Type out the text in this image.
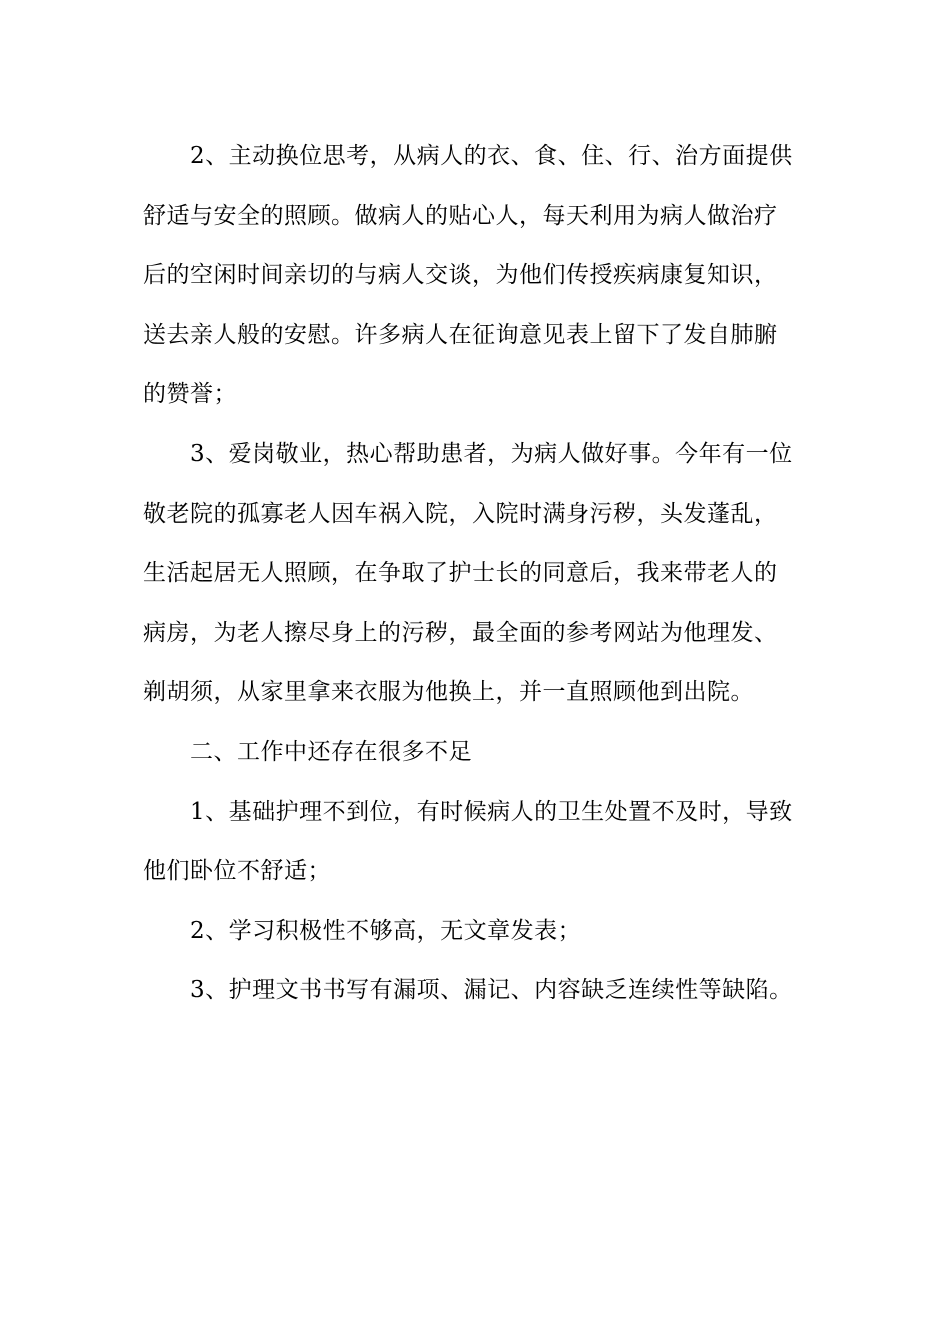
2、主动换位思考，从病人的衣、食、住、行、治方面提供
舒适与安全的照顾。做病人的贴心人，每天利用为病人做治疗
后的空闲时间亲切的与病人交谈，为他们传授疾病康复知识，
送去亲人般的安慰。许多病人在征询意见表上留下了发自肺腑
的赞誉；

3、爱岗敬业，热心帮助患者，为病人做好事。今年有一位
敬老院的孤寡老人因车祸入院，入院时满身污秽，头发蓬乱，
生活起居无人照顾，在争取了护士长的同意后，我来带老人的
病房，为老人擦尽身上的污秽，最全面的参考网站为他理发、
剃胡须，从家里拿来衣服为他换上，并一直照顾他到出院。

二、工作中还存在很多不足

1、基础护理不到位，有时候病人的卫生处置不及时，导致
他们卧位不舒适；

2、学习积极性不够高，无文章发表；

3、护理文书书写有漏项、漏记、内容缺乏连续性等缺陷。
